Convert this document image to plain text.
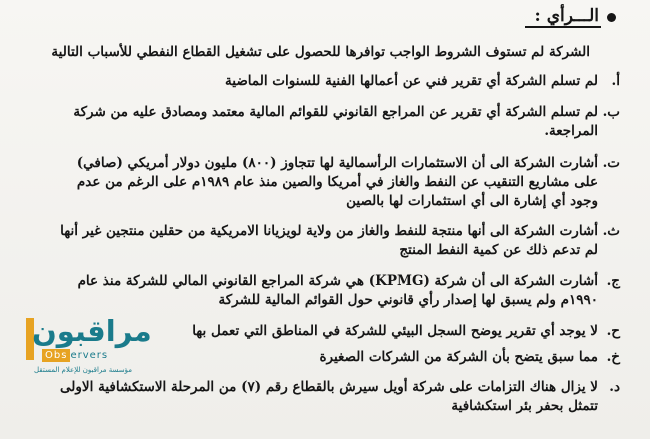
الـــرأي :
الشركة لم تستوف الشروط الواجب توافرها للحصول على تشغيل القطاع النفطي للأسباب التالية
أ.
لم تسلم الشركة أي تقرير فني عن أعمالها الفنية للسنوات الماضية
ب.
لم تسلم الشركة أي تقرير عن المراجع القانوني للقوائم المالية معتمد ومصادق عليه من شركة
المراجعة.
ت.
أشارت الشركة الى أن الاستثمارات الرأسمالية لها تتجاوز (٨٠٠) مليون دولار أمريكي (صافي)
على مشاريع التنقيب عن النفط والغاز في أمريكا والصين منذ عام ١٩٨٩م على الرغم من عدم
وجود أي إشارة الى أي استثمارات لها بالصين
ث.
أشارت الشركة الى أنها منتجة للنفط والغاز من ولاية لويزيانا الامريكية من حقلين منتجين غير أنها
لم تدعم ذلك عن كمية النفط المنتج
ج.
أشارت الشركة الى أن شركة (KPMG) هي شركة المراجع القانوني المالي للشركة منذ عام
١٩٩٠م ولم يسبق لها إصدار رأي قانوني حول القوائم المالية للشركة
ح.
لا يوجد أي تقرير يوضح السجل البيئي للشركة في المناطق التي تعمل بها
خ.
مما سبق يتضح بأن الشركة من الشركات الصغيرة
د.
لا يزال هناك التزامات على شركة أويل سيرش بالقطاع رقم (٧) من المرحلة الاستكشافية الاولى
تتمثل بحفر بئر استكشافية
مراقبون
Obs ervers
مؤسسة مراقبون للإعلام المستقل
